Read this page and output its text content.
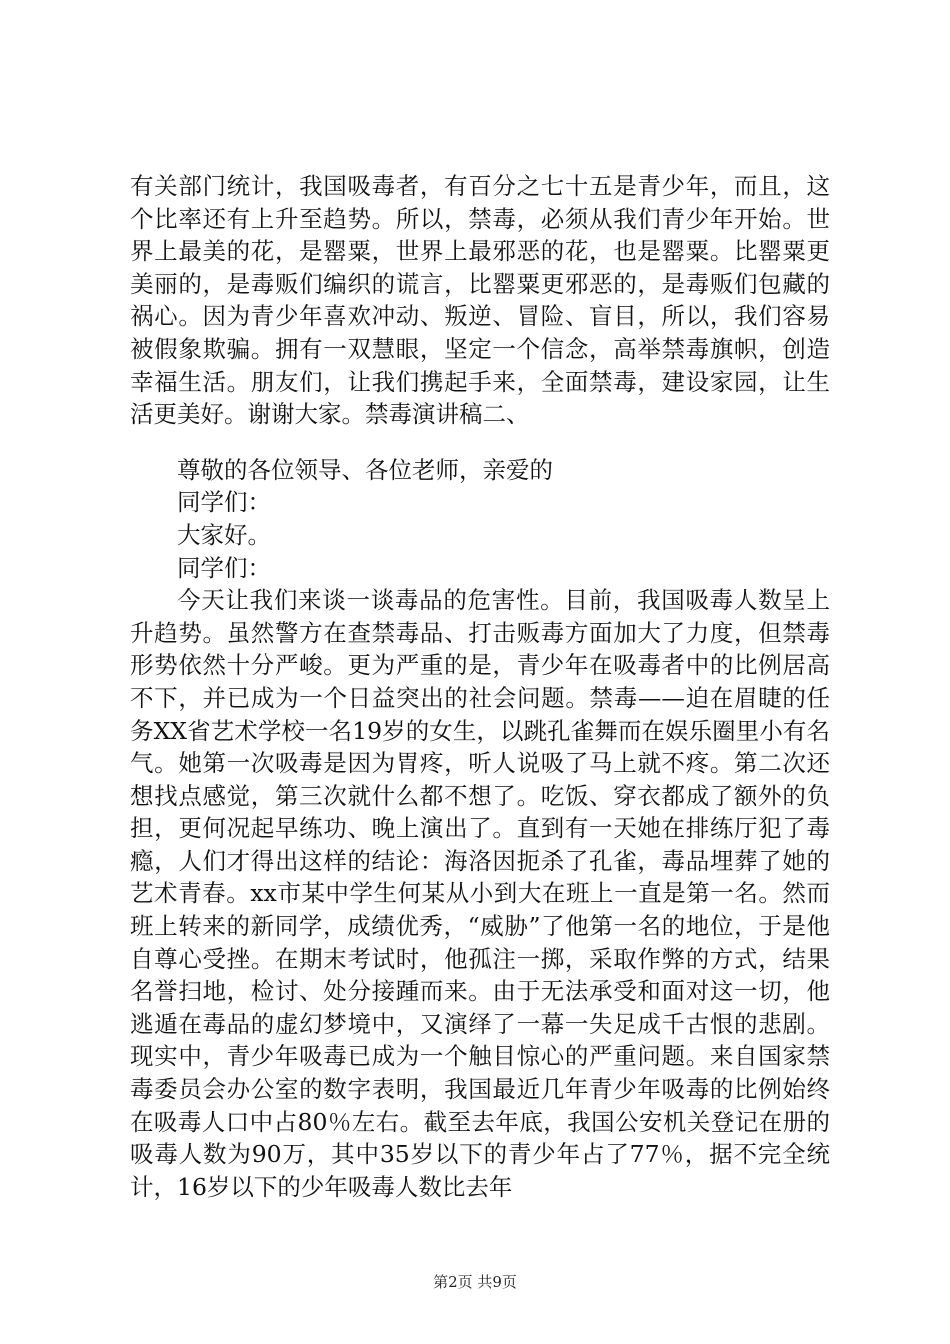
有关部门统计，我国吸毒者，有百分之七十五是青少年，而且，这个比率还有上升至趋势。所以，禁毒，必须从我们青少年开始。世界上最美的花，是罂粟，世界上最邪恶的花，也是罂粟。比罂粟更美丽的，是毒贩们编织的谎言，比罂粟更邪恶的，是毒贩们包藏的祸心。因为青少年喜欢冲动、叛逆、冒险、盲目，所以，我们容易被假象欺骗。拥有一双慧眼，坚定一个信念，高举禁毒旗帜，创造幸福生活。朋友们，让我们携起手来，全面禁毒，建设家园，让生活更美好。谢谢大家。禁毒演讲稿二、

尊敬的各位领导、各位老师，亲爱的

同学们：

大家好。

同学们：

今天让我们来谈一谈毒品的危害性。目前，我国吸毒人数呈上升趋势。虽然警方在查禁毒品、打击贩毒方面加大了力度，但禁毒形势依然十分严峻。更为严重的是，青少年在吸毒者中的比例居高不下，并已成为一个日益突出的社会问题。禁毒——迫在眉睫的任务XX省艺术学校一名19岁的女生，以跳孔雀舞而在娱乐圈里小有名气。她第一次吸毒是因为胃疼，听人说吸了马上就不疼。第二次还想找点感觉，第三次就什么都不想了。吃饭、穿衣都成了额外的负担，更何况起早练功、晚上演出了。直到有一天她在排练厅犯了毒瘾，人们才得出这样的结论：海洛因扼杀了孔雀，毒品埋葬了她的艺术青春。xx市某中学生何某从小到大在班上一直是第一名。然而班上转来的新同学，成绩优秀，“威胁”了他第一名的地位，于是他自尊心受挫。在期末考试时，他孤注一掷，采取作弊的方式，结果名誉扫地，检讨、处分接踵而来。由于无法承受和面对这一切，他逃遁在毒品的虚幻梦境中，又演绎了一幕一失足成千古恨的悲剧。现实中，青少年吸毒已成为一个触目惊心的严重问题。来自国家禁毒委员会办公室的数字表明，我国最近几年青少年吸毒的比例始终在吸毒人口中占80％左右。截至去年底，我国公安机关登记在册的吸毒人数为90万，其中35岁以下的青少年占了77％，据不完全统计，16岁以下的少年吸毒人数比去年

第2页 共9页
